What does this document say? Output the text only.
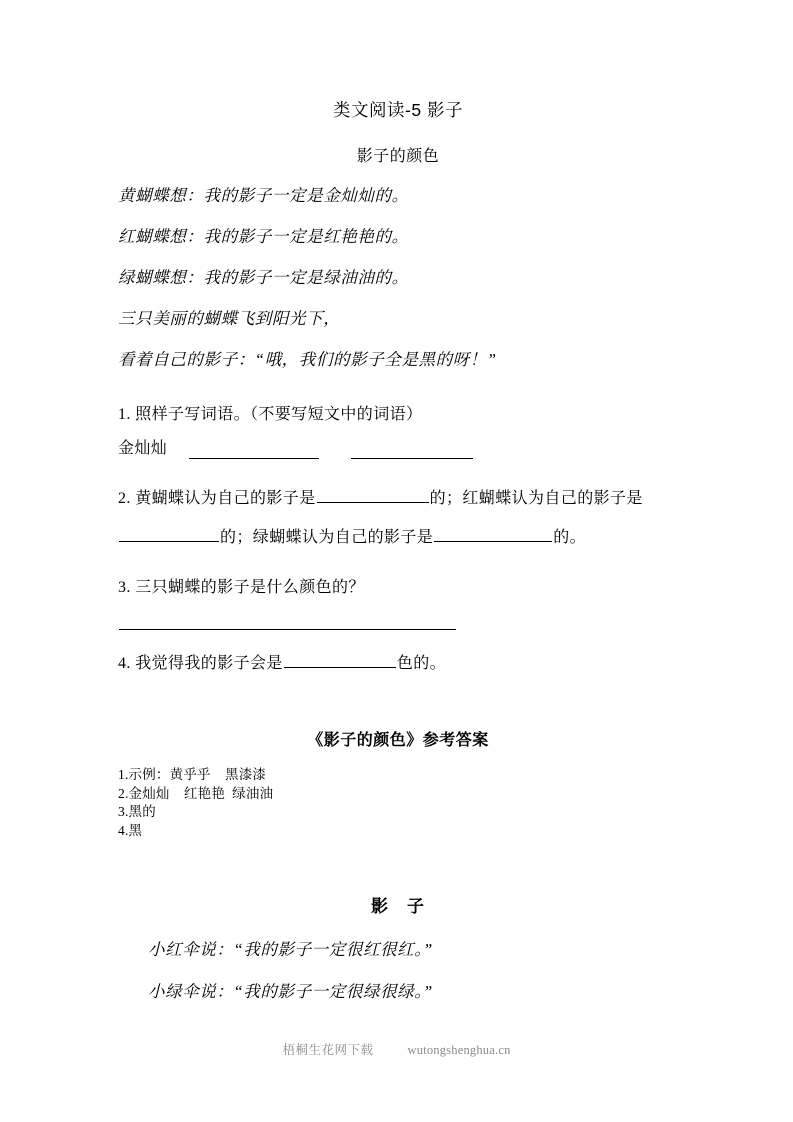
类文阅读-5 影子
影子的颜色
黄蝴蝶想：我的影子一定是金灿灿的。
红蝴蝶想：我的影子一定是红艳艳的。
绿蝴蝶想：我的影子一定是绿油油的。
三只美丽的蝴蝶飞到阳光下，
看着自己的影子：“哦，我们的影子全是黑的呀！”
1. 照样子写词语。（不要写短文中的词语）
金灿灿
2. 黄蝴蝶认为自己的影子是	的；红蝴蝶认为自己的影子是的；绿蝴蝶认为自己的影子是	的。
3. 三只蝴蝶的影子是什么颜色的？
4. 我觉得我的影子会是	色的。
《影子的颜色》参考答案
1.示例：黄乎乎    黑漆漆
2.金灿灿    红艳艳  绿油油
3.黑的
4.黑
影　子
小红伞说：“我的影子一定很红很红。”
小绿伞说：“我的影子一定很绿很绿。”
梧桐生花网下载	wutongshenghua.cn
